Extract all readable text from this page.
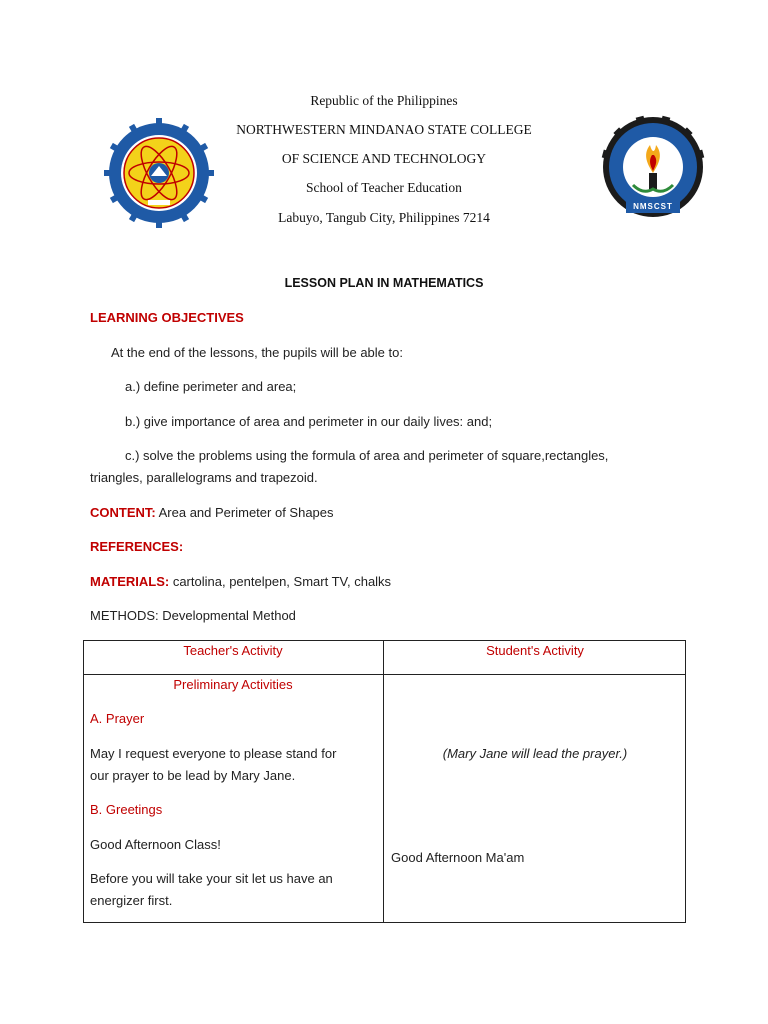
Republic of the Philippines
NORTHWESTERN MINDANAO STATE COLLEGE
OF SCIENCE AND TECHNOLOGY
School of Teacher Education
Labuyo, Tangub City, Philippines 7214
NMSCST
LESSON PLAN IN MATHEMATICS
LEARNING OBJECTIVES
At the end of the lessons, the pupils will be able to:
a.) define perimeter and area;
b.) give importance of area and perimeter in our daily lives: and;
c.) solve the problems using the formula of area and perimeter of square,rectangles,
triangles, parallelograms and trapezoid.
CONTENT: Area and Perimeter of Shapes
REFERENCES:
MATERIALS: cartolina, pentelpen, Smart TV, chalks
METHODS: Developmental Method
Teacher's Activity	Student's Activity
Preliminary Activities
A. Prayer
May I request everyone to please stand for
our prayer to be lead by Mary Jane.
B. Greetings
Good Afternoon Class!
Before you will take your sit let us have an
energizer first.
(Mary Jane will lead the prayer.)
Good Afternoon Ma'am
